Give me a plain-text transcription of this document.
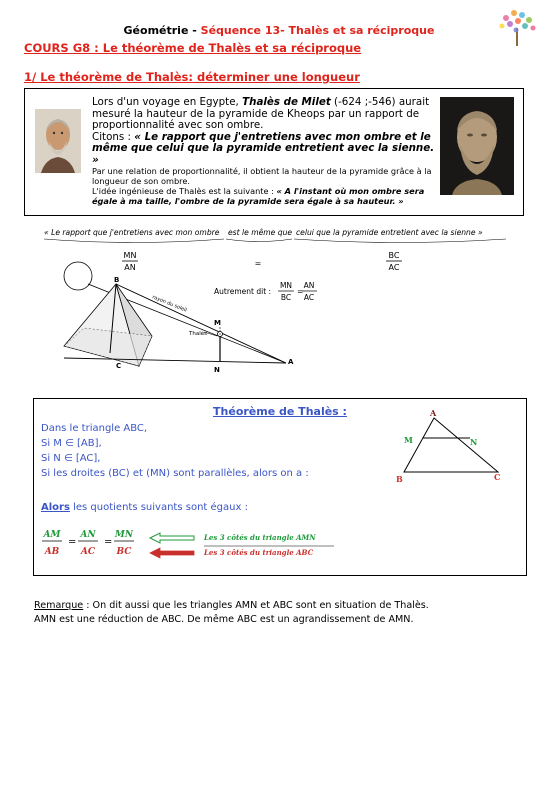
Géométrie - Séquence 13- Thalès et sa réciproque
COURS G8 : Le théorème de Thalès et sa réciproque
1/ Le théorème de Thalès: déterminer une longueur
Lors d'un voyage en Egypte, Thalès de Milet (-624 ;-546) aurait mesuré la hauteur de la pyramide de Kheops par un rapport de proportionnalité avec son ombre.
Citons : « Le rapport que j'entretiens avec mon ombre et le même que celui que la pyramide entretient avec la sienne. »
Par une relation de proportionnalité, il obtient la hauteur de la pyramide grâce à la longueur de son ombre.
L'idée ingénieuse de Thalès est la suivante : « A l'instant où mon ombre sera égale à ma taille, l'ombre de la pyramide sera égale à sa hauteur. »
« Le rapport que j'entretiens avec mon ombre est le même que celui que la pyramide entretient avec la sienne »
MN
AN	=
BC
AC
Autrement dit :
MN
BC
=
AN
AC
rayon du soleil
B
C
M
N
Thalès
A
Théorème de Thalès :
Dans le triangle ABC,
Si M ∈ [AB],
Si N ∈ [AC],
Si les droites (BC) et (MN) sont parallèles, alors on a :
Alors les quotients suivants sont égaux :
AM
AB
=
AN
AC
=
MN
BC
Les 3 côtés du triangle AMN
Les 3 côtés du triangle ABC
A
M	N
B	C
Remarque : On dit aussi que les triangles AMN et ABC sont en situation de Thalès.
AMN est une réduction de ABC. De même ABC est un agrandissement de AMN.
